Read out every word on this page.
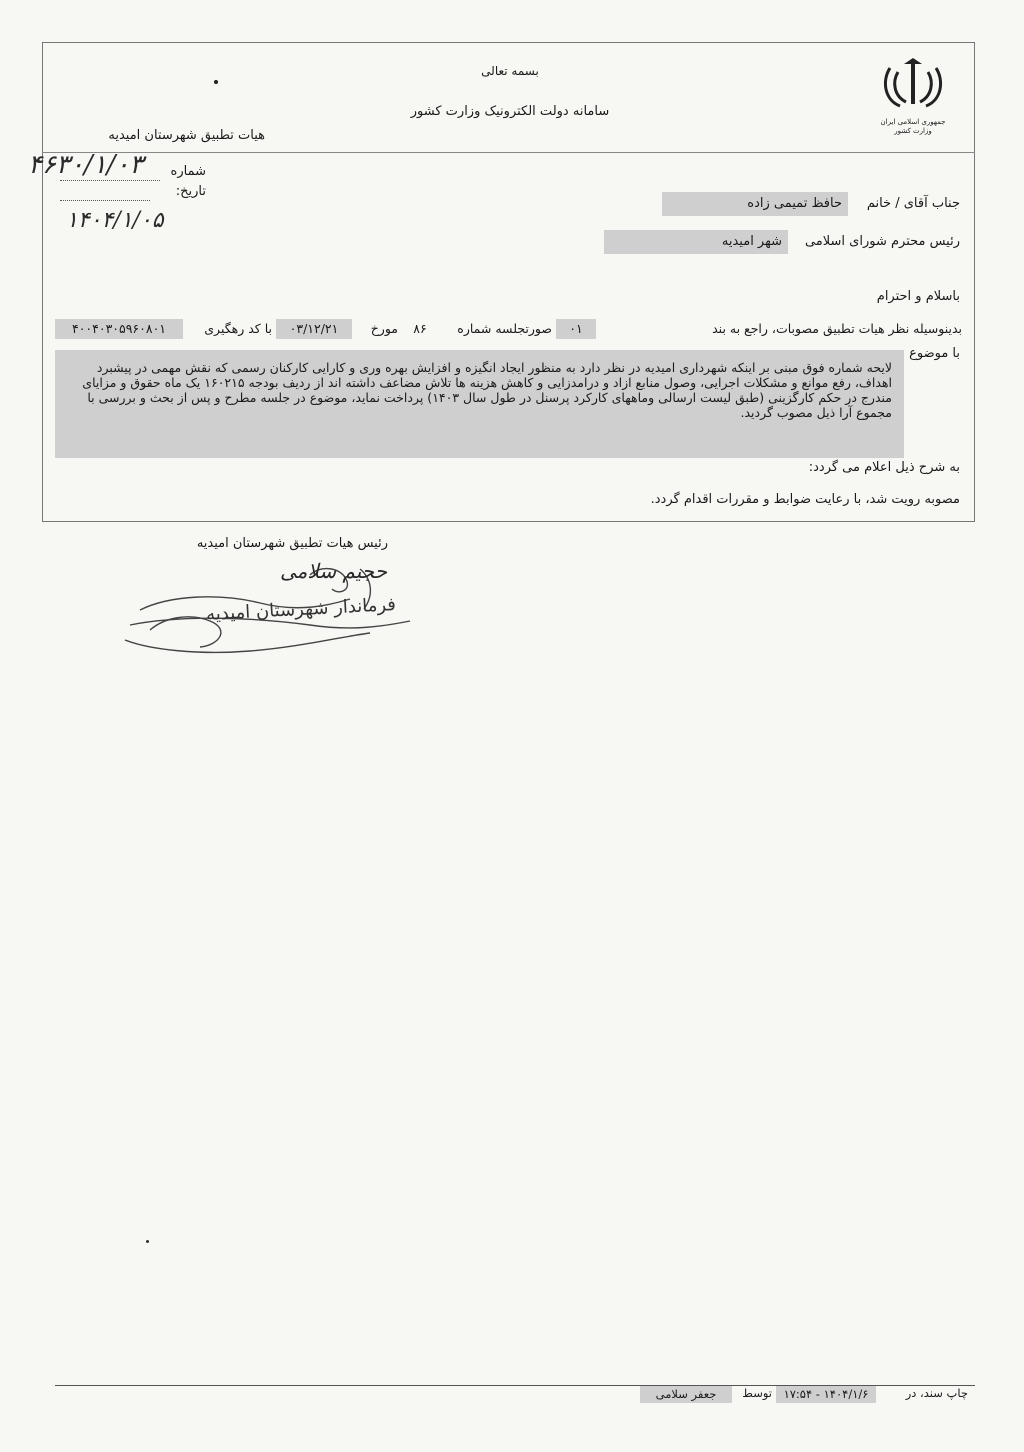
جمهوری اسلامی ایران
وزارت کشور
بسمه تعالی
سامانه دولت الکترونیک وزارت کشور
هیات تطبیق شهرستان امیدیه
شماره
تاریخ:
۴۶۳۰/۱/۰۳
۱۴۰۴/۱/۰۵
جناب آقای / خانم
حافظ تمیمی زاده
رئیس محترم شورای اسلامی
شهر امیدیه
باسلام و احترام
بدینوسیله نظر هیات تطبیق مصوبات، راجع به بند
۰۱
صورتجلسه شماره
۸۶
مورخ
۰۳/۱۲/۲۱
با کد رهگیری
۴۰۰۴۰۳۰۵۹۶۰۸۰۱
با موضوع
لایحه شماره فوق مبنی بر اینکه شهرداری امیدیه در نظر دارد به منظور ایجاد انگیزه و افزایش بهره وری و کارایی کارکنان رسمی که نقش مهمی در پیشبرد اهداف، رفع موانع و مشکلات اجرایی، وصول منابع ازاد و درامدزایی و کاهش هزینه ها تلاش مضاعف داشته اند از ردیف بودجه ۱۶۰۲۱۵ یک ماه حقوق و مزایای مندرج در حکم کارگزینی (طبق لیست ارسالی وماههای کارکرد پرسنل در طول سال ۱۴۰۳) پرداخت نماید، موضوع در جلسه مطرح و پس از بحث و بررسی با مجموع آرا ذیل مصوب گردید.
به شرح ذیل اعلام می گردد:
مصوبه رویت شد، با رعایت ضوابط و مقررات اقدام گردد.
رئیس هیات تطبیق شهرستان امیدیه
حجیم سلامی
فرماندار شهرستان امیدیه
چاپ سند، در
۱۴۰۴/۱/۶ - ۱۷:۵۴
توسط
جعفر سلامی
